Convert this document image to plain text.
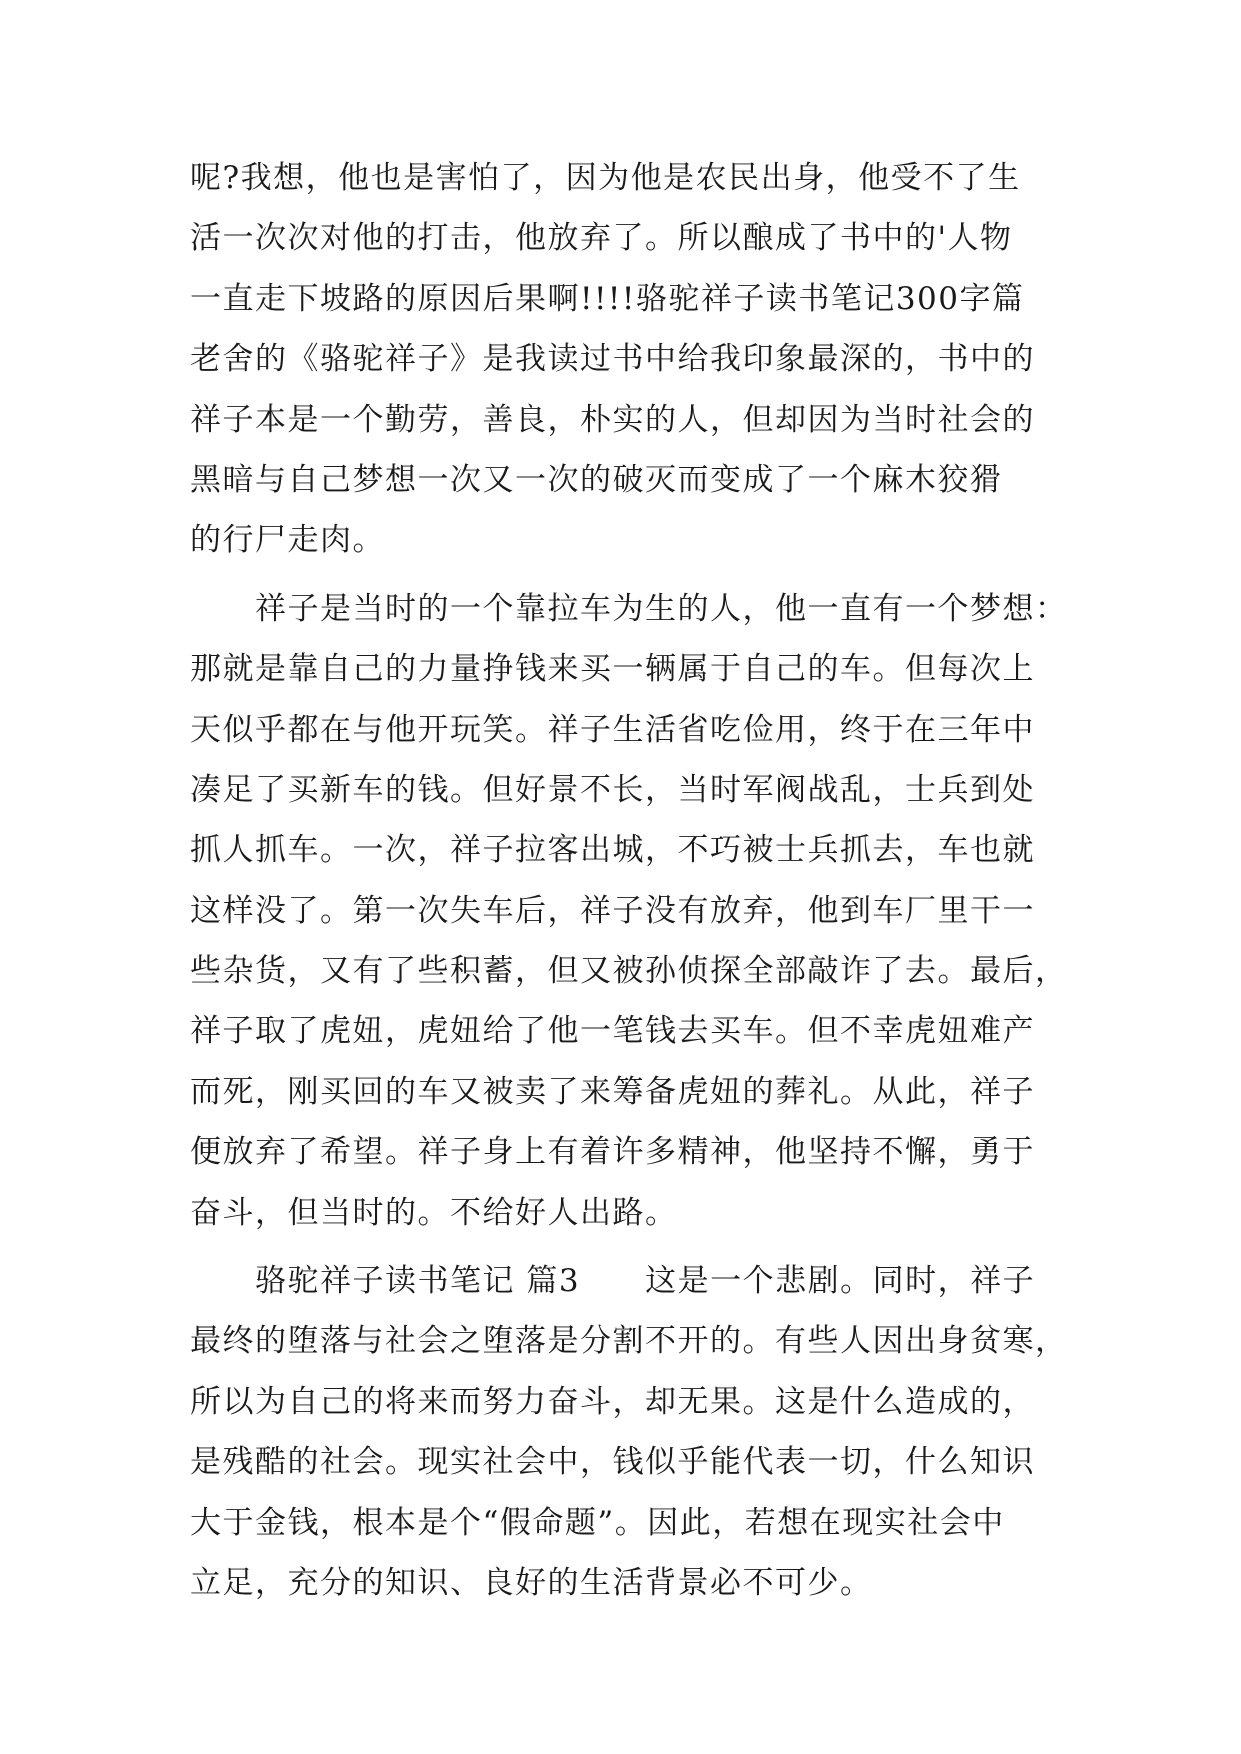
呢?我想，他也是害怕了，因为他是农民出身，他受不了生
活一次次对他的打击，他放弃了。所以酿成了书中的'人物
一直走下坡路的原因后果啊!!!!骆驼祥子读书笔记300字篇
老舍的《骆驼祥子》是我读过书中给我印象最深的，书中的
祥子本是一个勤劳，善良，朴实的人，但却因为当时社会的
黑暗与自己梦想一次又一次的破灭而变成了一个麻木狡猾
的行尸走肉。
　　祥子是当时的一个靠拉车为生的人，他一直有一个梦想：
那就是靠自己的力量挣钱来买一辆属于自己的车。但每次上
天似乎都在与他开玩笑。祥子生活省吃俭用，终于在三年中
凑足了买新车的钱。但好景不长，当时军阀战乱，士兵到处
抓人抓车。一次，祥子拉客出城，不巧被士兵抓去，车也就
这样没了。第一次失车后，祥子没有放弃，他到车厂里干一
些杂货，又有了些积蓄，但又被孙侦探全部敲诈了去。最后，
祥子取了虎妞，虎妞给了他一笔钱去买车。但不幸虎妞难产
而死，刚买回的车又被卖了来筹备虎妞的葬礼。从此，祥子
便放弃了希望。祥子身上有着许多精神，他坚持不懈，勇于
奋斗，但当时的。不给好人出路。
　　骆驼祥子读书笔记 篇3　　这是一个悲剧。同时，祥子
最终的堕落与社会之堕落是分割不开的。有些人因出身贫寒，
所以为自己的将来而努力奋斗，却无果。这是什么造成的，
是残酷的社会。现实社会中，钱似乎能代表一切，什么知识
大于金钱，根本是个“假命题”。因此，若想在现实社会中
立足，充分的知识、良好的生活背景必不可少。
